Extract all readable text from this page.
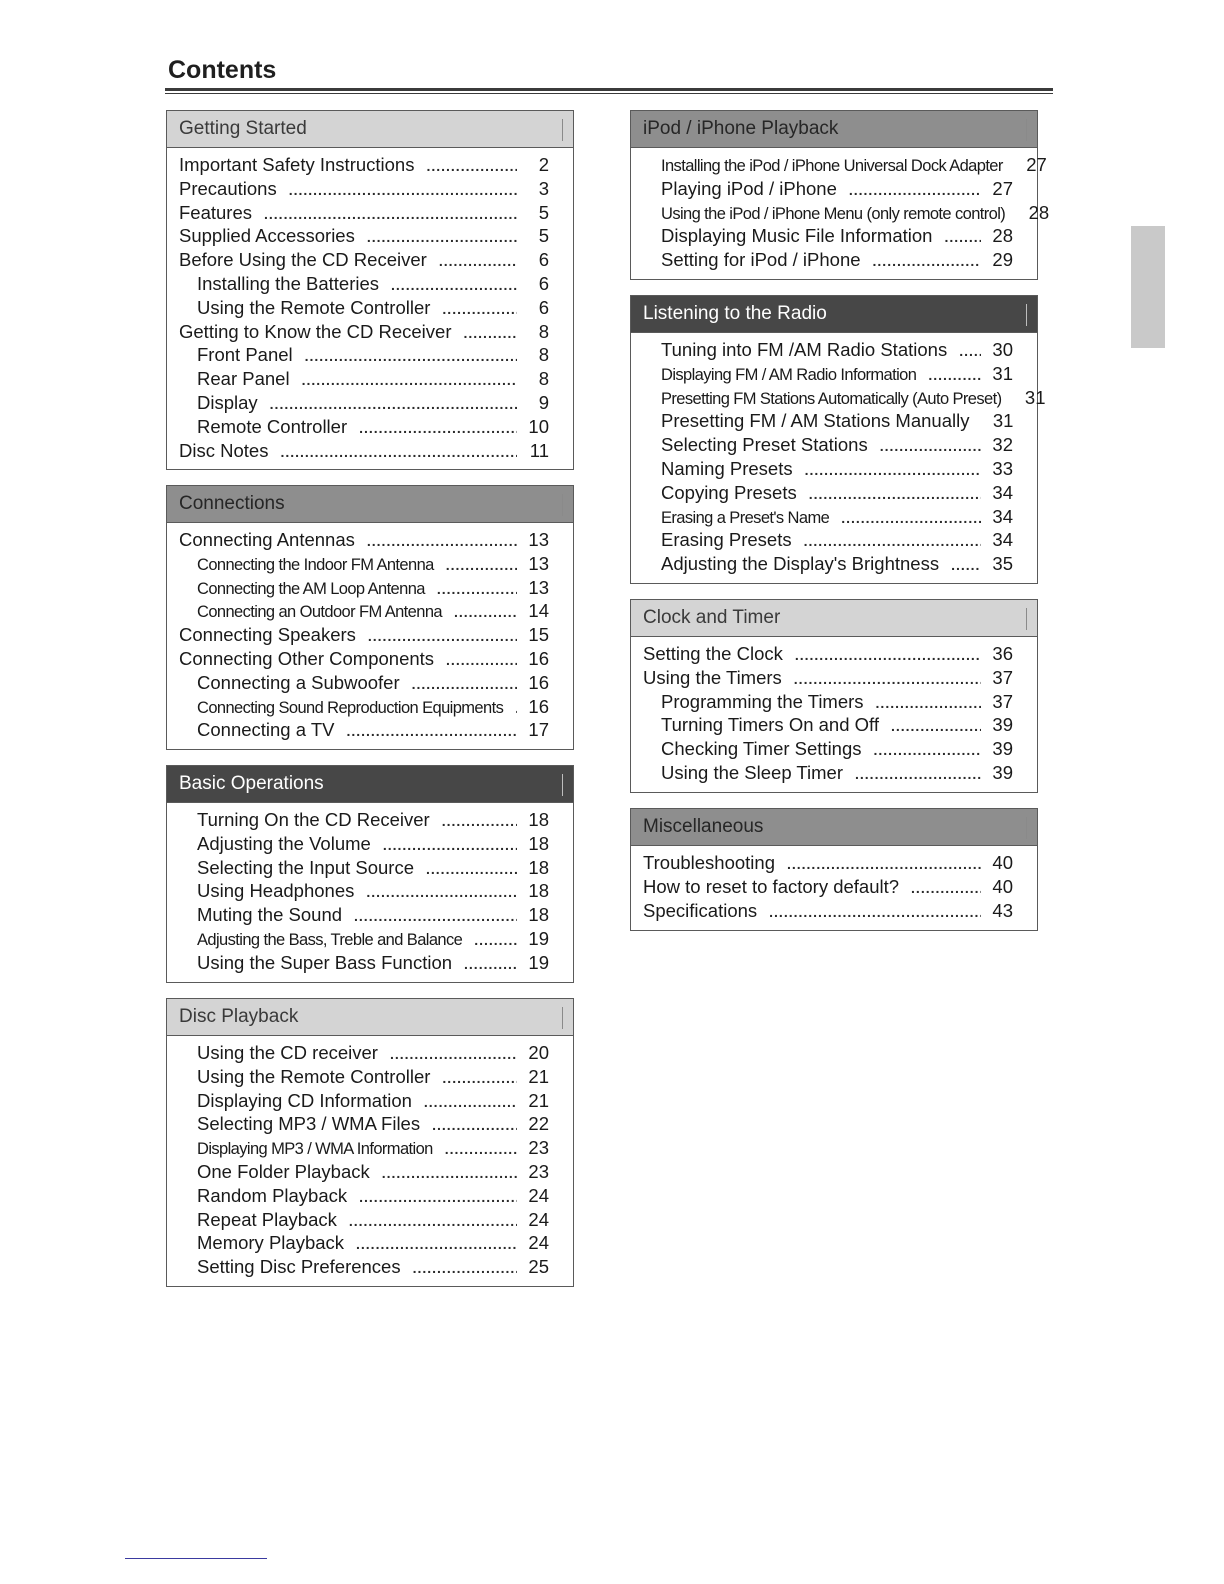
Contents
Getting Started
Important Safety Instructions .....	2
Precautions .....	3
Features .....	5
Supplied Accessories .....	5
Before Using the CD Receiver .....	6
Installing the Batteries .....	6
Using the Remote Controller .....	6
Getting to Know the CD Receiver .....	8
Front Panel .....	8
Rear Panel .....	8
Display .....	9
Remote Controller .....	10
Disc Notes .....	11
Connections
Connecting Antennas .....	13
Connecting the Indoor FM Antenna .....	13
Connecting the AM Loop Antenna .....	13
Connecting an Outdoor FM Antenna .....	14
Connecting Speakers .....	15
Connecting Other Components .....	16
Connecting a Subwoofer .....	16
Connecting Sound Reproduction Equipments ..... 16
Connecting a TV .....	17
Basic Operations
Turning On the CD Receiver .....	18
Adjusting the Volume .....	18
Selecting the Input Source .....	18
Using Headphones .....	18
Muting the Sound .....	18
Adjusting the Bass, Treble and Balance .....	19
Using the Super Bass Function .....	19
Disc Playback
Using the CD receiver .....	20
Using the Remote Controller .....	21
Displaying CD Information .....	21
Selecting MP3 / WMA Files .....	22
Displaying MP3 / WMA Information .....	23
One Folder Playback .....	23
Random Playback .....	24
Repeat Playback .....	24
Memory Playback .....	24
Setting Disc Preferences .....	25
iPod / iPhone Playback
Installing the iPod / iPhone Universal Dock Adapter 27
Playing iPod / iPhone .....	27
Using the iPod / iPhone Menu (only remote control) 28
Displaying Music File Information .....	28
Setting for iPod / iPhone .....	29
Listening to the Radio
Tuning into FM /AM Radio Stations ..... 30
Displaying FM / AM Radio Information .....	31
Presetting FM Stations Automatically (Auto Preset) 31
Presetting FM / AM Stations Manually 31
Selecting Preset Stations .....	32
Naming Presets .....	33
Copying Presets .....	34
Erasing a Preset's Name .....	34
Erasing Presets .....	34
Adjusting the Display's Brightness .....	35
Clock and Timer
Setting the Clock .....	36
Using the Timers .....	37
Programming the Timers .....	37
Turning Timers On and Off .....	39
Checking Timer Settings .....	39
Using the Sleep Timer .....	39
Miscellaneous
Troubleshooting .....	40
How to reset to factory default? .....	40
Specifications .....	43
